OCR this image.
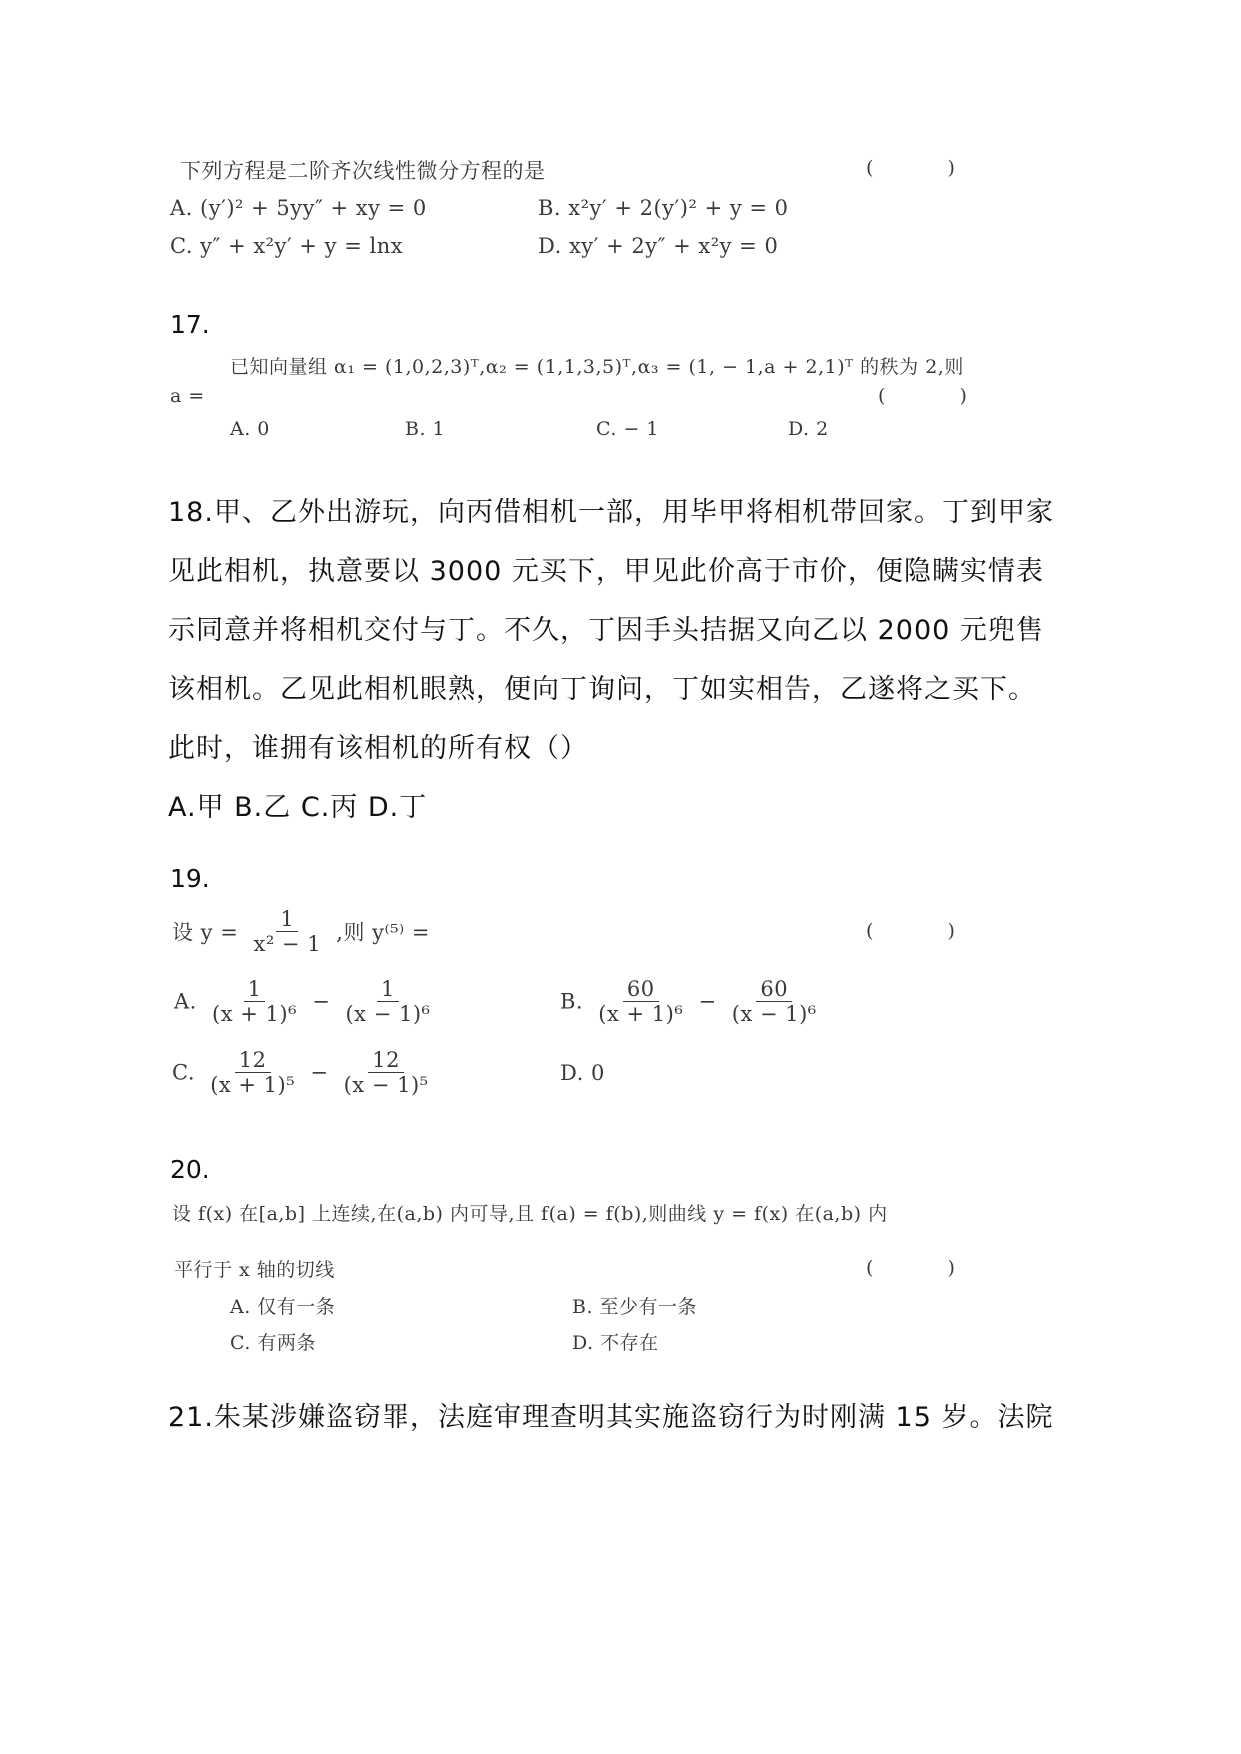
下列方程是二阶齐次线性微分方程的是	( )
A. (y′)² + 5yy″ + xy = 0	B. x²y′ + 2(y′)² + y = 0
C. y″ + x²y′ + y = lnx	D. xy′ + 2y″ + x²y = 0
17.
已知向量组 α₁ = (1,0,2,3)ᵀ,α₂ = (1,1,3,5)ᵀ,α₃ = (1, − 1,a + 2,1)ᵀ 的秩为 2,则
a =	( )
A. 0	B. 1	C. − 1	D. 2
18.甲、乙外出游玩，向丙借相机一部，用毕甲将相机带回家。丁到甲家
见此相机，执意要以 3000 元买下，甲见此价高于市价，便隐瞒实情表
示同意并将相机交付与丁。不久，丁因手头拮据又向乙以 2000 元兜售
该相机。乙见此相机眼熟，便向丁询问，丁如实相告，乙遂将之买下。
此时，谁拥有该相机的所有权（）
A.甲 B.乙 C.丙 D.丁
19.
设 $y = \frac{1}{\text{x² − 1}}$ ,则 y⁽⁵⁾ =	( )
A. $\frac{1}{\text{(x + 1)⁶}} - \frac{1}{\text{(x − 1)⁶}}$	B. $\frac{60}{\text{(x + 1)⁶}} - \frac{60}{\text{(x − 1)⁶}}$
C. $\frac{12}{\text{(x + 1)⁵}} - \frac{12}{\text{(x − 1)⁵}}$	D. 0
20.
设 f(x) 在[a,b] 上连续,在(a,b) 内可导,且 f(a) = f(b),则曲线 y = f(x) 在(a,b) 内
平行于 x 轴的切线	( )
A. 仅有一条	B. 至少有一条
C. 有两条	D. 不存在
21.朱某涉嫌盗窃罪，法庭审理查明其实施盗窃行为时刚满 15 岁。法院
